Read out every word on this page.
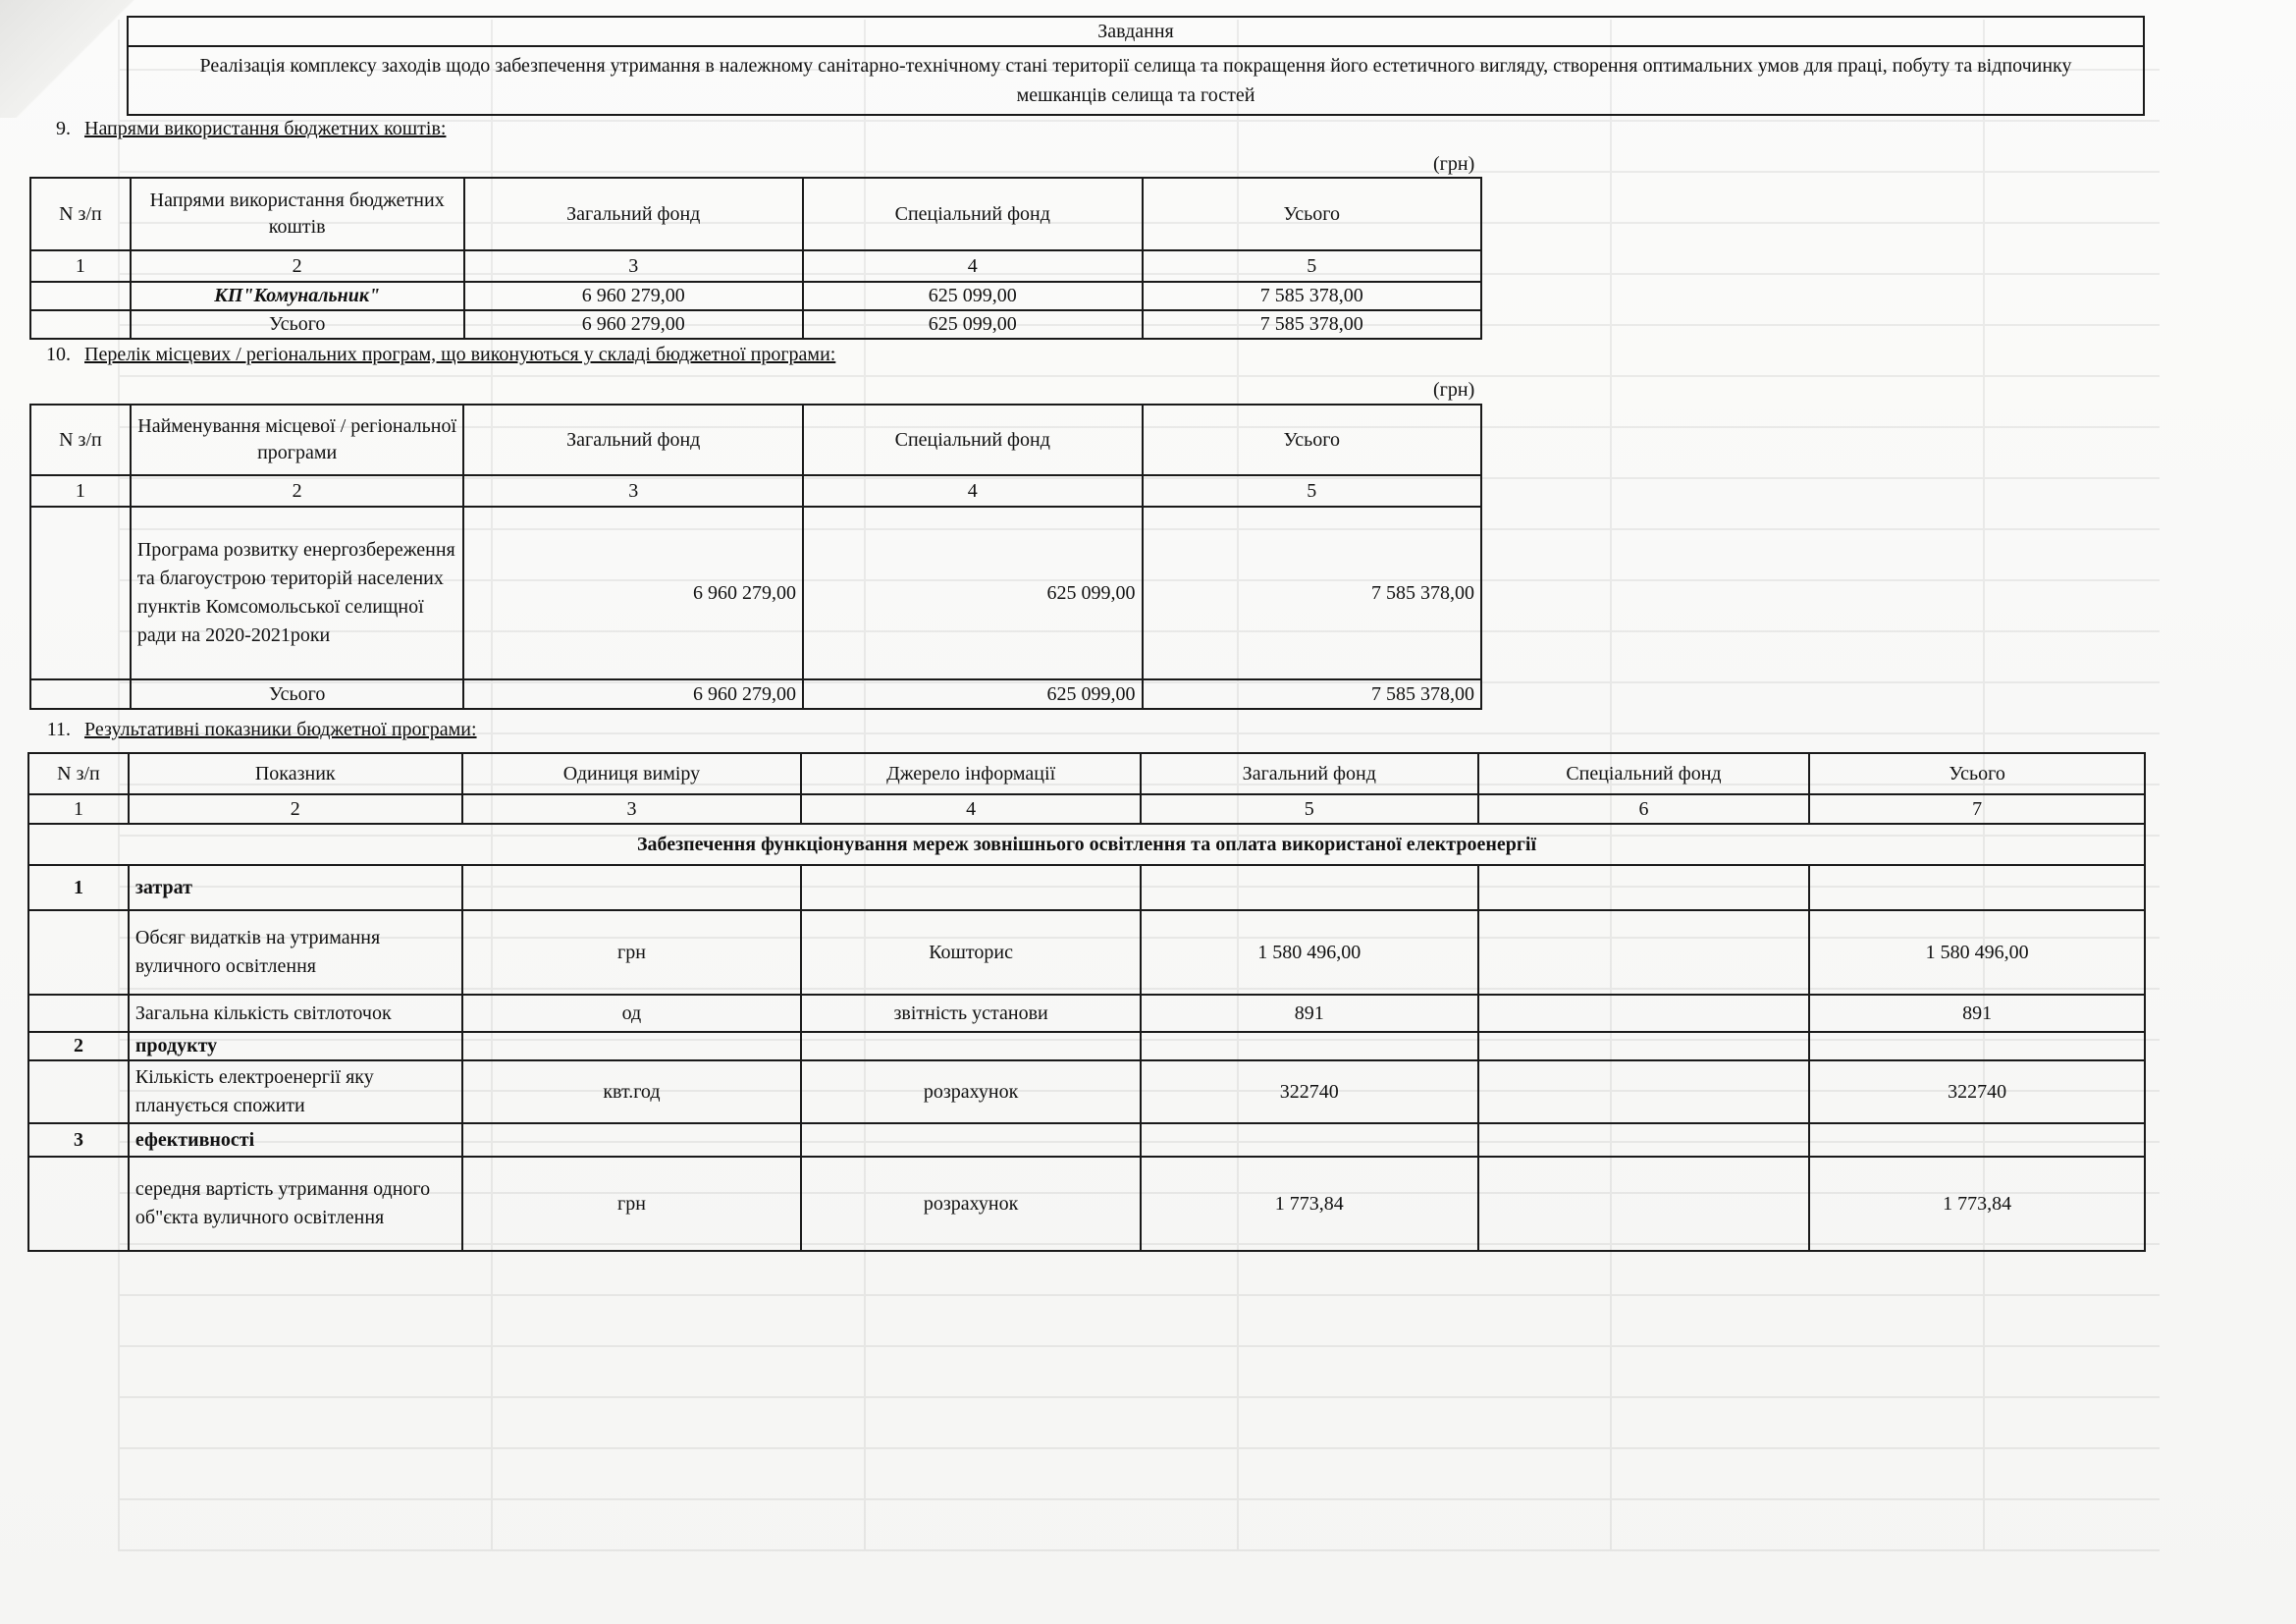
Завдання
Реалізація комплексу заходів щодо забезпечення утримання в належному санітарно-технічному стані території селища та покращення його естетичного вигляду, створення оптимальних умов для праці, побуту та відпочинку мешканців селища та гостей
9. Напрями використання бюджетних коштів:
(грн)
N з/п	Напрями використання бюджетних коштів	Загальний фонд	Спеціальний фонд	Усього
1	2	3	4	5
	КП"Комунальник"	6 960 279,00	625 099,00	7 585 378,00
	Усього	6 960 279,00	625 099,00	7 585 378,00
10. Перелік місцевих / регіональних програм, що виконуються у складі бюджетної програми:
(грн)
N з/п	Найменування місцевої / регіональної програми	Загальний фонд	Спеціальний фонд	Усього
1	2	3	4	5
	Програма розвитку енергозбереження та благоустрою територій населених пунктів Комсомольської селищної ради на 2020-2021роки	6 960 279,00	625 099,00	7 585 378,00
	Усього	6 960 279,00	625 099,00	7 585 378,00
11. Результативні показники бюджетної програми:
N з/п	Показник	Одиниця виміру	Джерело інформації	Загальний фонд	Спеціальний фонд	Усього
1	2	3	4	5	6	7
Забезпечення функціонування мереж зовнішнього освітлення та оплата використаної електроенергії						
1	затрат					
	Обсяг видатків на утримання вуличного освітлення	грн	Кошторис	1 580 496,00		1 580 496,00
	Загальна кількість світлоточок	од	звітність установи	891		891
2	продукту					
	Кількість електроенергії яку планується спожити	квт.год	розрахунок	322740		322740
3	ефективності					
	середня вартість утримання одного об"єкта вуличного освітлення	грн	розрахунок	1 773,84		1 773,84
